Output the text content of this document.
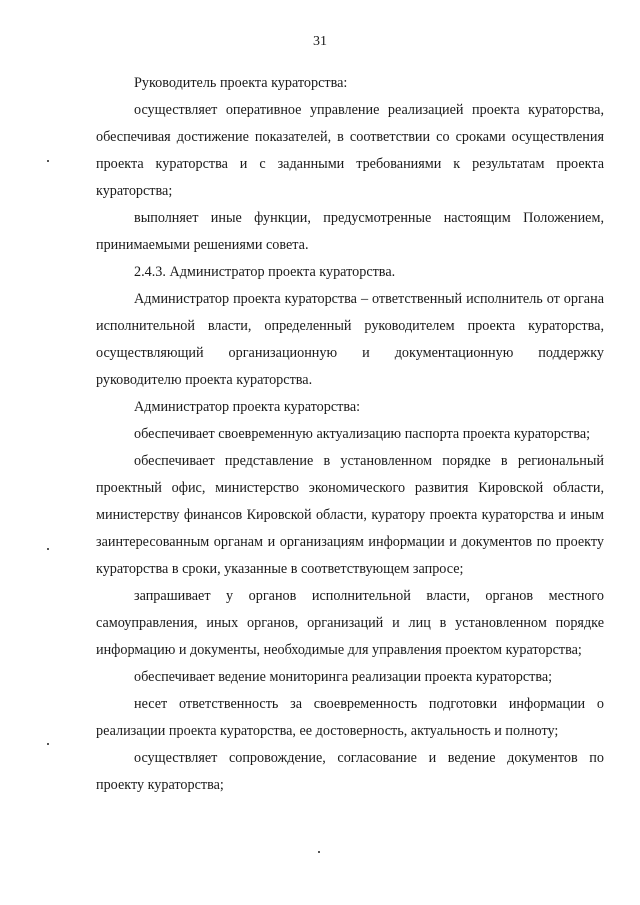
31

Руководитель проекта кураторства:

осуществляет оперативное управление реализацией проекта кураторства, обеспечивая достижение показателей, в соответствии со сроками осуществления проекта кураторства и с заданными требованиями к результатам проекта кураторства;

выполняет иные функции, предусмотренные настоящим Положением, принимаемыми решениями совета.

2.4.3. Администратор проекта кураторства.

Администратор проекта кураторства – ответственный исполнитель от органа исполнительной власти, определенный руководителем проекта кураторства, осуществляющий организационную и документационную поддержку руководителю проекта кураторства.

Администратор проекта кураторства:

обеспечивает своевременную актуализацию паспорта проекта кураторства;

обеспечивает представление в установленном порядке в региональный проектный офис, министерство экономического развития Кировской области, министерству финансов Кировской области, куратору проекта кураторства и иным заинтересованным органам и организациям информации и документов по проекту кураторства в сроки, указанные в соответствующем запросе;

запрашивает у органов исполнительной власти, органов местного самоуправления, иных органов, организаций и лиц в установленном порядке информацию и документы, необходимые для управления проектом кураторства;

обеспечивает ведение мониторинга реализации проекта кураторства;

несет ответственность за своевременность подготовки информации о реализации проекта кураторства, ее достоверность, актуальность и полноту;

осуществляет сопровождение, согласование и ведение документов по проекту кураторства;
